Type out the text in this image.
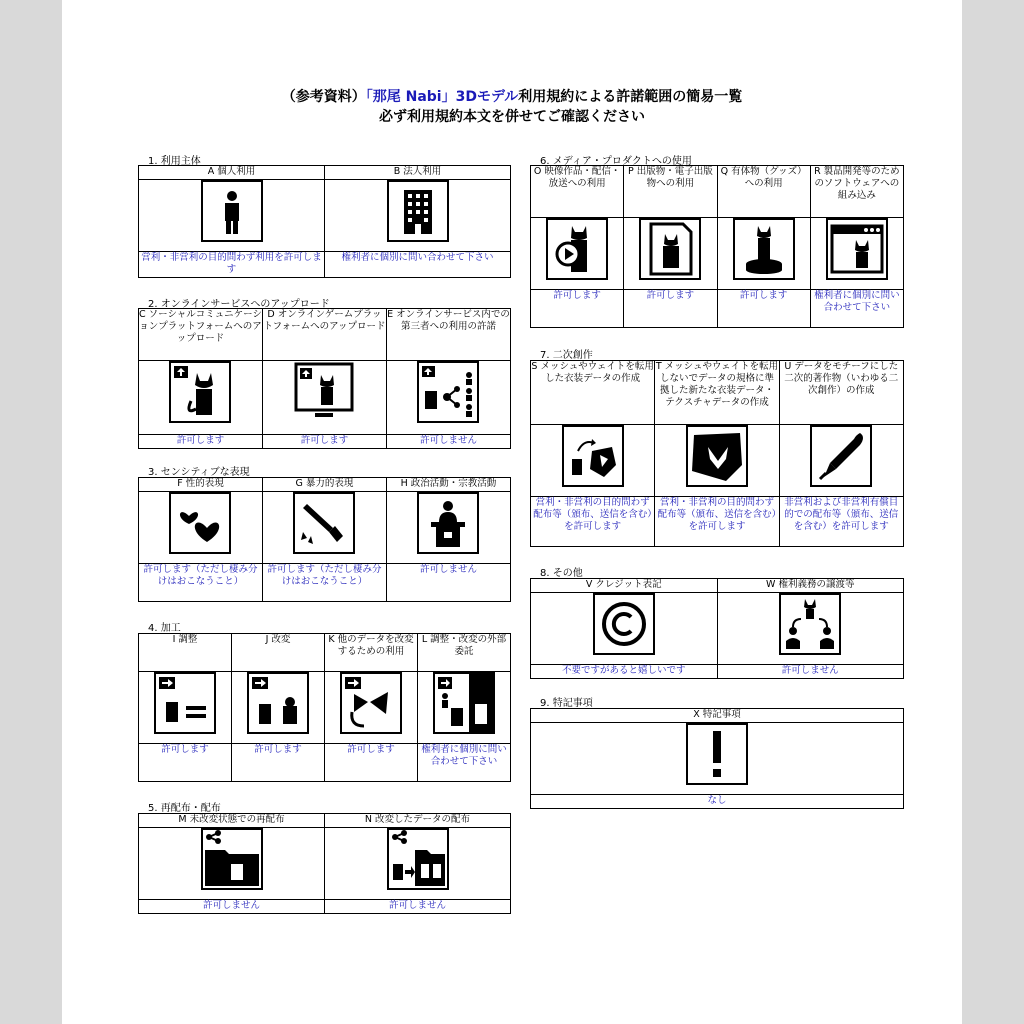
（参考資料）「那尾 Nabi」3Dモデル利用規約による許諾範囲の簡易一覧
必ず利用規約本文を併せてご確認ください
1. 利用主体
A 個人利用	B 法人利用

営利・非営利の目的問わず利用を許可します	権利者に個別に問い合わせて下さい
2. オンラインサービスへのアップロード
C ソーシャルコミュニケーションプラットフォームへのアップロード	D オンラインゲームプラットフォームへのアップロード	E オンラインサービス内での第三者への利用の許諾

許可します	許可します	許可しません
3. センシティブな表現
F 性的表現	G 暴力的表現	H 政治活動・宗教活動

許可します（ただし棲み分けはおこなうこと）	許可します（ただし棲み分けはおこなうこと）	許可しません
4. 加工
I 調整	J 改変	K 他のデータを改変するための利用	L 調整・改変の外部委託

許可します	許可します	許可します	権利者に個別に問い合わせて下さい
5. 再配布・配布
M 未改変状態での再配布	N 改変したデータの配布

許可しません	許可しません
6. メディア・プロダクトへの使用
O 映像作品・配信・放送への利用	P 出版物・電子出版物への利用	Q 有体物（グッズ）への利用	R 製品開発等のためのソフトウェアへの組み込み

許可します	許可します	許可します	権利者に個別に問い合わせて下さい
7. 二次創作
S メッシュやウェイトを転用した衣装データの作成	T メッシュやウェイトを転用しないでデータの規格に準拠した新たな衣装データ・テクスチャデータの作成	U データをモチーフにした二次的著作物（いわゆる二次創作）の作成

営利・非営利の目的問わず配布等（頒布、送信を含む）を許可します	営利・非営利の目的問わず配布等（頒布、送信を含む）を許可します	非営利および非営利有償目的での配布等（頒布、送信を含む）を許可します
8. その他
V クレジット表記	W 権利義務の譲渡等

不要ですがあると嬉しいです	許可しません
9. 特記事項
X 特記事項

なし
